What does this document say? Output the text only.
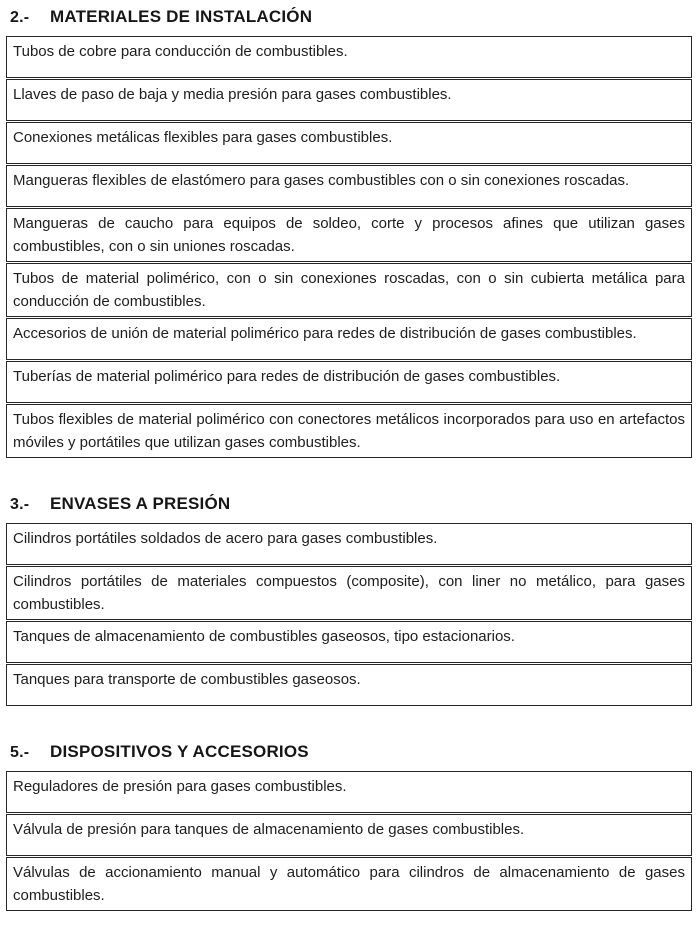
2.-	MATERIALES DE INSTALACIÓN

Tubos de cobre para conducción de combustibles.

Llaves de paso de baja y media presión para gases combustibles.

Conexiones metálicas flexibles para gases combustibles.

Mangueras flexibles de elastómero para gases combustibles con o sin conexiones roscadas.

Mangueras de caucho para equipos de soldeo, corte y procesos afines que utilizan gases combustibles, con o sin uniones roscadas.

Tubos de material polimérico, con o sin conexiones roscadas, con o sin cubierta metálica para conducción de combustibles.

Accesorios de unión de material polimérico para redes de distribución de gases combustibles.

Tuberías de material polimérico para redes de distribución de gases combustibles.

Tubos flexibles de material polimérico con conectores metálicos incorporados para uso en artefactos móviles y portátiles que utilizan gases combustibles.

3.-	ENVASES A PRESIÓN

Cilindros portátiles soldados de acero para gases combustibles.

Cilindros portátiles de materiales compuestos (composite), con liner no metálico, para gases combustibles.

Tanques de almacenamiento de combustibles gaseosos, tipo estacionarios.

Tanques para transporte de combustibles gaseosos.

5.-	DISPOSITIVOS Y ACCESORIOS

Reguladores de presión para gases combustibles.

Válvula de presión para tanques de almacenamiento de gases combustibles.

Válvulas de accionamiento manual y automático para cilindros de almacenamiento de gases combustibles.
